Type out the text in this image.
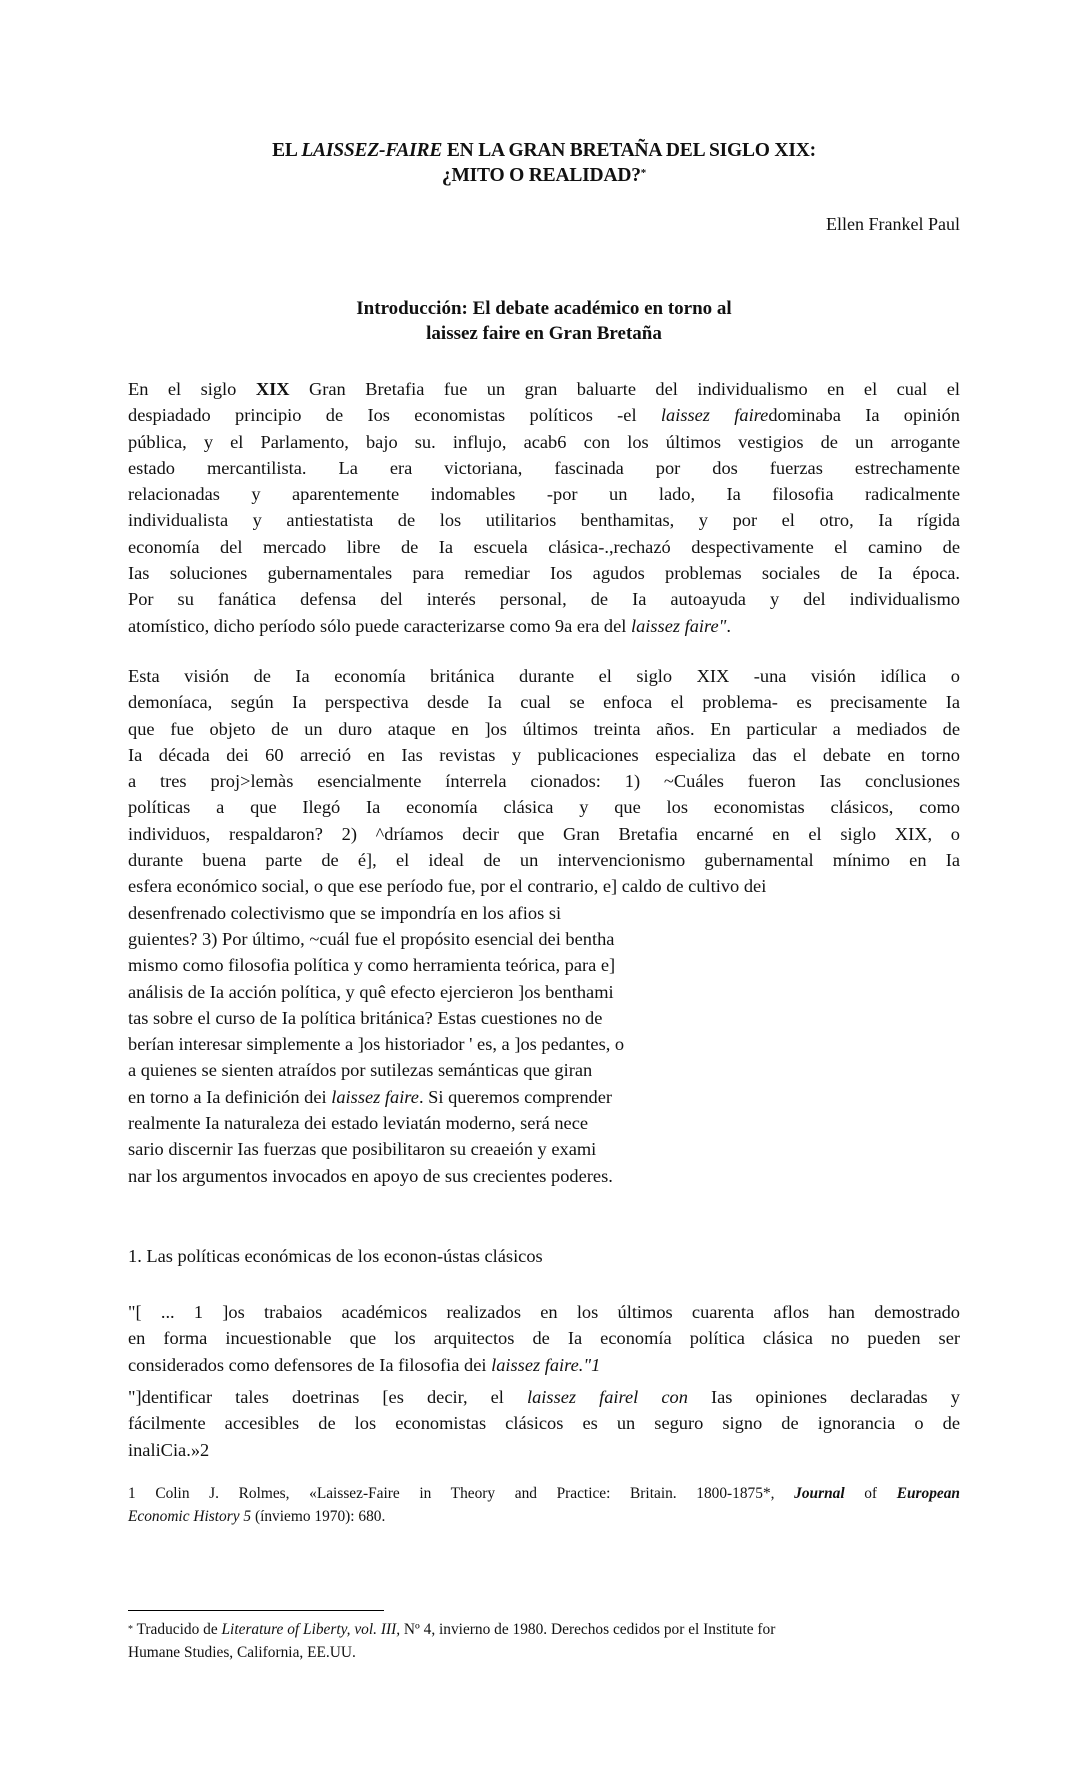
EL LAISSEZ-FAIRE EN LA GRAN BRETAÑA DEL SIGLO XIX:
¿MITO O REALIDAD?*
Ellen Frankel Paul
Introducción: El debate académico en torno al
laissez faire en Gran Bretaña
En el siglo XIX Gran Bretafia fue un gran baluarte del individualismo en el cual el
despiadado principio de Ios economistas políticos -el laissez fairedominaba Ia opinión
pública, y el Parlamento, bajo su. influjo, acab6 con los últimos vestigios de un arrogante
estado mercantilista. La era victoriana, fascinada por dos fuerzas estrechamente
relacionadas y aparentemente indomables -por un lado, Ia filosofia radicalmente
individualista y antiestatista de los utilitarios benthamitas, y por el otro, Ia rígida
economía del mercado libre de Ia escuela clásica-.,rechazó despectivamente el camino de
Ias soluciones gubernamentales para remediar Ios agudos problemas sociales de Ia época.
Por su fanática defensa del interés personal, de Ia autoayuda y del individualismo
atomístico, dicho período sólo puede caracterizarse como 9a era del laissez faire".
Esta visión de Ia economía británica durante el siglo XIX -una visión idílica o
demoníaca, según Ia perspectiva desde Ia cual se enfoca el problema- es precisamente Ia
que fue objeto de un duro ataque en ]os últimos treinta años. En particular a mediados de
Ia década dei 60 arreció en Ias revistas y publicaciones especializa das el debate en torno
a tres proj>lemàs esencialmente ínterrela cionados: 1) ~Cuáles fueron Ias conclusiones
políticas a que Ilegó Ia economía clásica y que los economistas clásicos, como
individuos, respaldaron? 2) ^dríamos decir que Gran Bretafia encarné en el siglo XIX, o
durante buena parte de é], el ideal de un intervencionismo gubernamental mínimo en Ia
esfera económico social, o que ese período fue, por el contrario, e] caldo de cultivo dei
desenfrenado colectivismo que se impondría en los afios si
guientes? 3) Por último, ~cuál fue el propósito esencial dei bentha
mismo como filosofia política y como herramienta teórica, para e]
análisis de Ia acción política, y quê efecto ejercieron ]os benthami
tas sobre el curso de Ia política británica? Estas cuestiones no de
berían interesar simplemente a ]os historiador ' es, a ]os pedantes, o
a quienes se sienten atraídos por sutilezas semánticas que giran
en torno a Ia definición dei laissez faire. Si queremos comprender
realmente Ia naturaleza dei estado leviatán moderno, será nece
sario discernir Ias fuerzas que posibilitaron su creaeión y exami
nar los argumentos invocados en apoyo de sus crecientes poderes.
1. Las políticas económicas de los econon-ústas clásicos
"[ ... 1 ]os trabaios académicos realizados en los últimos cuarenta aflos han demostrado
en forma incuestionable que los arquitectos de Ia economía política clásica no pueden ser
considerados como defensores de Ia filosofia dei laissez faire."1
"]dentificar tales doetrinas [es decir, el laissez fairel con Ias opiniones declaradas y
fácilmente accesibles de los economistas clásicos es un seguro signo de ignorancia o de
inaliCia.»2
1 Colin J. Rolmes, «Laissez-Faire in Theory and Practice: Britain. 1800-1875*, Journal of European
Economic History 5 (ínviemo 1970): 680.
* Traducido de Literature of Liberty, vol. III, Nº 4, invierno de 1980. Derechos cedidos por el Institute for
Humane Studies, California, EE.UU.
